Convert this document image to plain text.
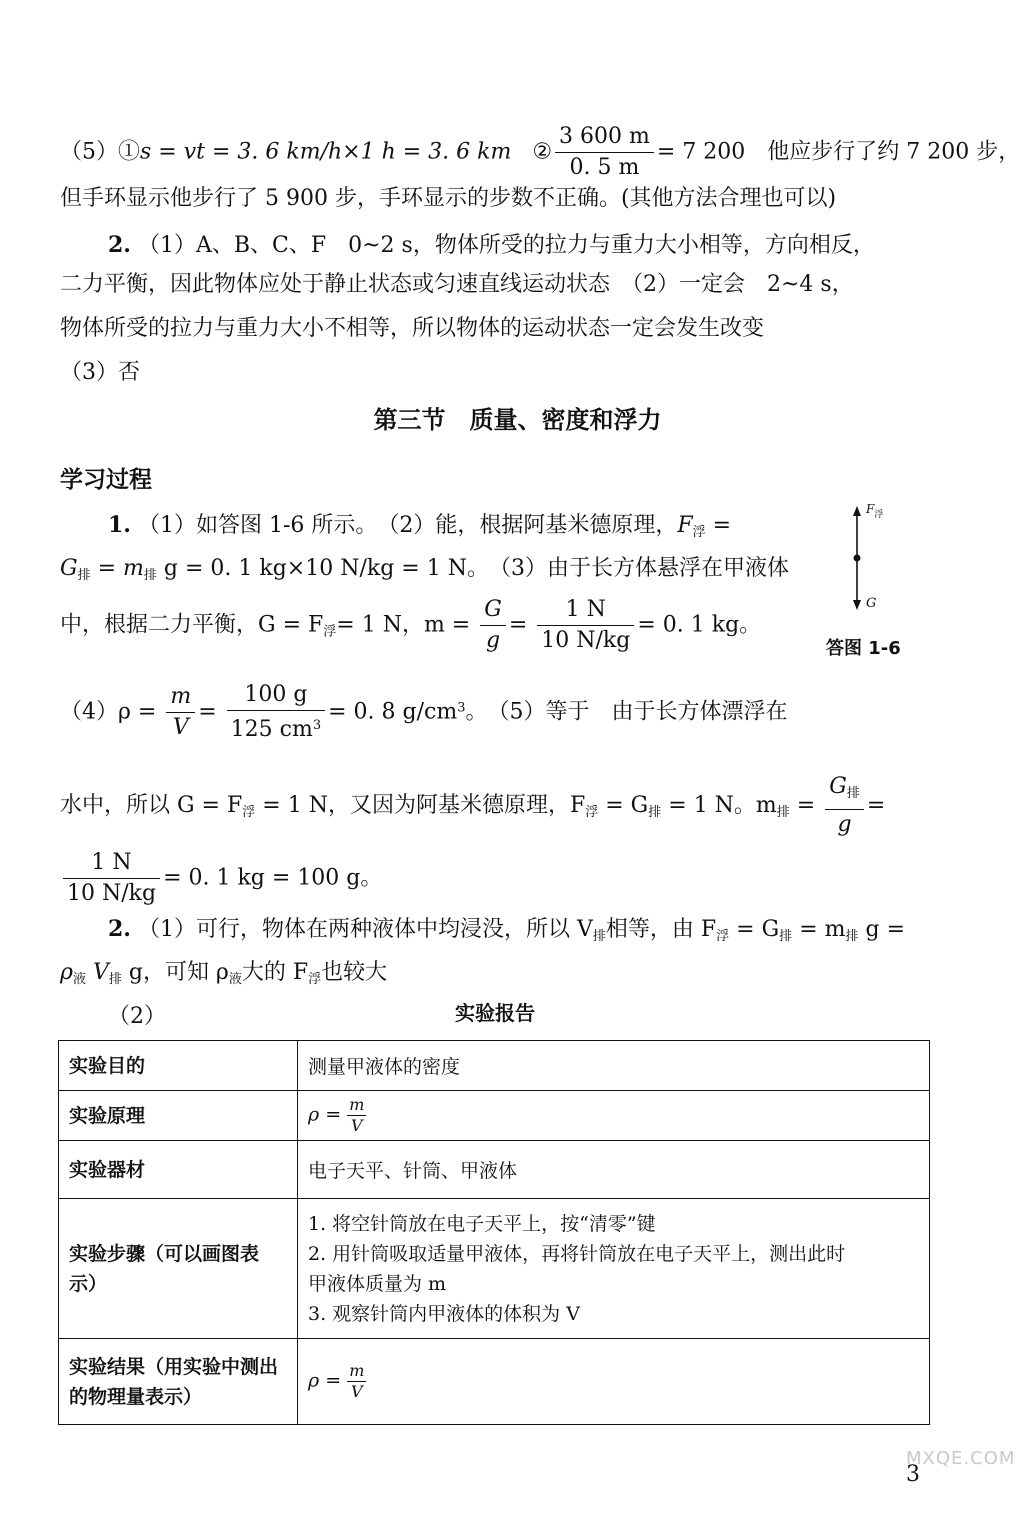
（5）①s = vt = 3. 6 km/h×1 h = 3. 6 km ② $\frac{3 600 m}{0. 5 m} = 7$ 200　他应步行了约 7 200 步，
但手环显示他步行了 5 900 步，手环显示的步数不正确。(其他方法合理也可以)
2. （1）A、B、C、F　0~2 s，物体所受的拉力与重力大小相等，方向相反，
二力平衡，因此物体应处于静止状态或匀速直线运动状态　（2）一定会　2~4 s，
物体所受的拉力与重力大小不相等，所以物体的运动状态一定会发生改变
（3）否
第三节　质量、密度和浮力
学习过程
1. （1）如答图 1-6 所示。　（2）能，根据阿基米德原理，$F_浮$ =
$G_排 = m_排$ g = 0. 1 kg×10 N/kg = 1 N。　（3）由于长方体悬浮在甲液体
中，根据二力平衡，$G = F_浮= 1$ N，$m = \frac{G}{g} = \frac{1 N}{10 N/kg} = 0$. 1 kg。
$(4)\rho = \frac{m}{V} = \frac{100 g}{125 cm^3} = 0$. 8 $g/cm^3$。　（5）等于　由于长方体漂浮在
水中，所以 $G = F_浮 = 1$ N，又因为阿基米德原理，$F_浮 = G_排 = 1$ N。$m_排 = \frac{G_排}{g}$ =
$\frac{1 N}{10 N/kg} = 0$. 1 kg = 100 g。
2. （1）可行，物体在两种液体中均浸没，所以 $V_排$相等，由 $F_浮 = G_排 = m_排$ g =
$\rho_液$ $V_排$ g，可知 $\rho_液$大的 $F_浮$也较大
（2）
$F_浮$
G
答图 1-6
实验报告
实验目的	测量甲液体的密度
实验原理	$\rho = \frac{m}{V}$

实验器材	电子天平、针筒、甲液体
实验步骤（可以画图表示）	1. 将空针筒放在电子天平上，按“清零”键
2. 用针筒吸取适量甲液体，再将针筒放在电子天平上，测出此时
甲液体质量为 m
3. 观察针筒内甲液体的体积为 V

实验结果（用实验中测出的物理量表示）	$\rho = \frac{m}{V}$
MXQE.COM
3
